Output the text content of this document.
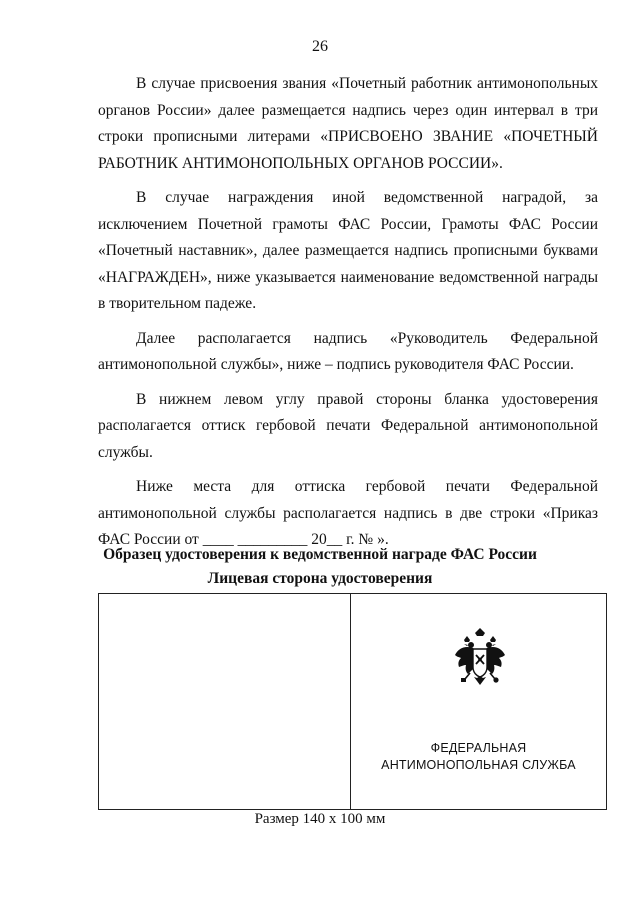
26

В случае присвоения звания «Почетный работник антимонопольных органов России» далее размещается надпись через один интервал в три строки прописными литерами «ПРИСВОЕНО ЗВАНИЕ «ПОЧЕТНЫЙ РАБОТНИК АНТИМОНОПОЛЬНЫХ ОРГАНОВ РОССИИ».

В случае награждения иной ведомственной наградой, за исключением Почетной грамоты ФАС России, Грамоты ФАС России «Почетный наставник», далее размещается надпись прописными буквами «НАГРАЖДЕН», ниже указывается наименование ведомственной награды в творительном падеже.

Далее располагается надпись «Руководитель Федеральной антимонопольной службы», ниже – подпись руководителя ФАС России.

В нижнем левом углу правой стороны бланка удостоверения располагается оттиск гербовой печати Федеральной антимонопольной службы.

Ниже места для оттиска гербовой печати Федеральной антимонопольной службы располагается надпись в две строки «Приказ ФАС России от ____ _________ 20__ г. № ».

Образец удостоверения к ведомственной награде ФАС России
Лицевая сторона удостоверения
ФЕДЕРАЛЬНАЯ
АНТИМОНОПОЛЬНАЯ СЛУЖБА
Размер 140 х 100 мм
